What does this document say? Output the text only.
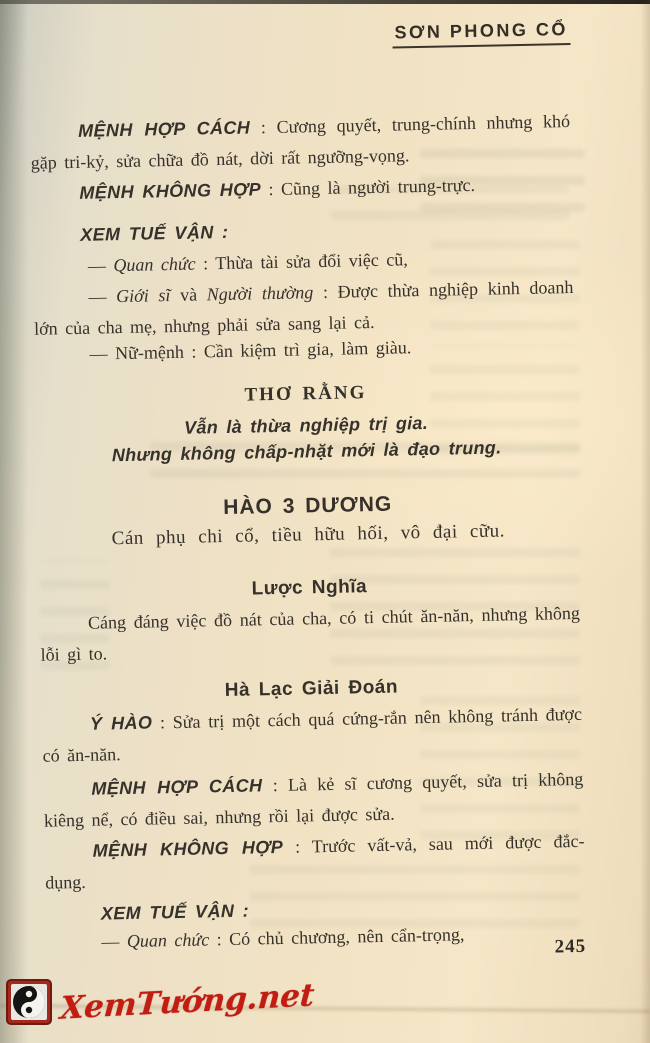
SƠN PHONG CỔ

MỆNH HỢP CÁCH : Cương quyết, trung-chính nhưng khó gặp tri-kỷ, sửa chữa đồ nát, dời rất ngưỡng-vọng.

MỆNH KHÔNG HỢP : Cũng là người trung-trực.

XEM TUẾ VẬN :

— Quan chức : Thừa tài sửa đổi việc cũ,

— Giới sĩ và Người thường : Được thừa nghiệp kinh doanh lớn của cha mẹ, nhưng phải sửa sang lại cả.

— Nữ-mệnh : Cần kiệm trì gia, làm giàu.

THƠ RẰNG

Vẫn là thừa nghiệp trị gia.

Nhưng không chấp-nhặt mới là đạo trung.

HÀO 3 DƯƠNG

Cán phụ chi cổ, tiều hữu hối, vô đại cữu.

Lược Nghĩa

Cáng đáng việc đồ nát của cha, có ti chút ăn-năn, nhưng không lỗi gì to.

Hà Lạc Giải Đoán

Ý HÀO : Sửa trị một cách quá cứng-rắn nên không tránh được có ăn-năn.

MỆNH HỢP CÁCH : Là kẻ sĩ cương quyết, sửa trị không kiêng nể, có điều sai, nhưng rồi lại được sửa.

MỆNH KHÔNG HỢP : Trước vất-vả, sau mới được đắc-dụng.

XEM TUẾ VẬN :

— Quan chức : Có chủ chương, nên cẩn-trọng,	245
XemTướng.net
